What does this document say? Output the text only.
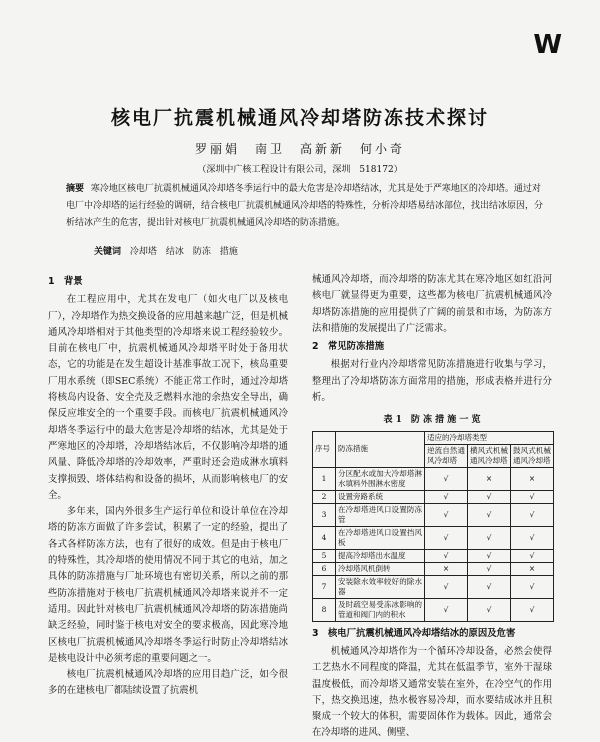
W
核电厂抗震机械通风冷却塔防冻技术探讨
罗丽娟　南卫　高新新　何小奇
（深圳中广核工程设计有限公司，深圳　518172）
摘要 寒冷地区核电厂抗震机械通风冷却塔冬季运行中的最大危害是冷却塔结冰，尤其是处于严寒地区的冷却塔。通过对电厂中冷却塔的运行经验的调研，结合核电厂抗震机械通风冷却塔的特殊性，分析冷却塔易结冰部位，找出结冰原因，分析结冰产生的危害，提出针对核电厂抗震机械通风冷却塔的防冻措施。
关键词 冷却塔　结冰　防冻　措施
1　背景

在工程应用中，尤其在发电厂（如火电厂以及核电厂），冷却塔作为热交换设备的应用越来越广泛，但是机械通风冷却塔相对于其他类型的冷却塔来说工程经验较少。目前在核电厂中，抗震机械通风冷却塔平时处于备用状态，它的功能是在发生超设计基准事故工况下，核岛重要厂用水系统（即SEC系统）不能正常工作时，通过冷却塔将核岛内设备、安全壳及乏燃料水池的余热安全导出，确保反应堆安全的一个重要手段。而核电厂抗震机械通风冷却塔冬季运行中的最大危害是冷却塔的结冰，尤其是处于严寒地区的冷却塔，冷却塔结冰后，不仅影响冷却塔的通风量、降低冷却塔的冷却效率，严重时还会造成淋水填料支撑损毁、塔体结构和设备的损坏，从而影响核电厂的安全。

多年来，国内外很多生产运行单位和设计单位在冷却塔的防冻方面做了许多尝试，积累了一定的经验，提出了各式各样防冻方法，也有了很好的成效。但是由于核电厂的特殊性，其冷却塔的使用情况不同于其它的电站，加之具体的防冻措施与厂址环境也有密切关系，所以之前的那些防冻措施对于核电厂抗震机械通风冷却塔来说并不一定适用。因此针对核电厂抗震机械通风冷却塔的防冻措施尚缺乏经验，同时鉴于核电对安全的要求极高，因此寒冷地区核电厂抗震机械通风冷却塔冬季运行时防止冷却塔结冰是核电设计中必须考虑的重要问题之一。

核电厂抗震机械通风冷却塔的应用目趋广泛，如今很多的在建核电厂都陆续设置了抗震机

械通风冷却塔，而冷却塔的防冻尤其在寒冷地区如红沿河核电厂就显得更为重要，这些都为核电厂抗震机械通风冷却塔防冻措施的应用提供了广阔的前景和市场，为防冻方法和措施的发展提出了广泛需求。

2　常见防冻措施

根据对行业内冷却塔常见防冻措施进行收集与学习，整理出了冷却塔防冻方面常用的措施，形成表格并进行分析。

表 1　防 冻 措 施 一 览
序号	防冻措施	适应的冷却塔类型		
		逆流自然通风冷却塔	横风式机械通风冷却塔	鼓风式机械通风冷却塔
1	分区配水或加大冷却塔淋水填料外围淋水密度	√	×	×
2	设置旁路系统	√	√	√
3	在冷却塔进风口设置防冻管	√	√	√
4	在冷却塔进风口设置挡风板	√	√	√
5	提高冷却塔出水温度	√	√	√
6	冷却塔风机倒转	×	√	×
7	安装除水效率较好的除水器	√	√	√
8	及时疏空易受冻冰影响的管道和阀门内的积水	√	√	√
3　核电厂抗震机械通风冷却塔结冰的原因及危害

机械通风冷却塔作为一个循环冷却设备，必然会使得工艺热水不同程度的降温，尤其在低温季节，室外干湿球温度极低，而冷却塔又通常安装在室外，在冷空气的作用下，热交换迅速，热水极容易冷却，而水要结成冰并且积聚成一个较大的体积，需要固体作为载体。因此，通常会在冷却塔的进风、侧壁、
